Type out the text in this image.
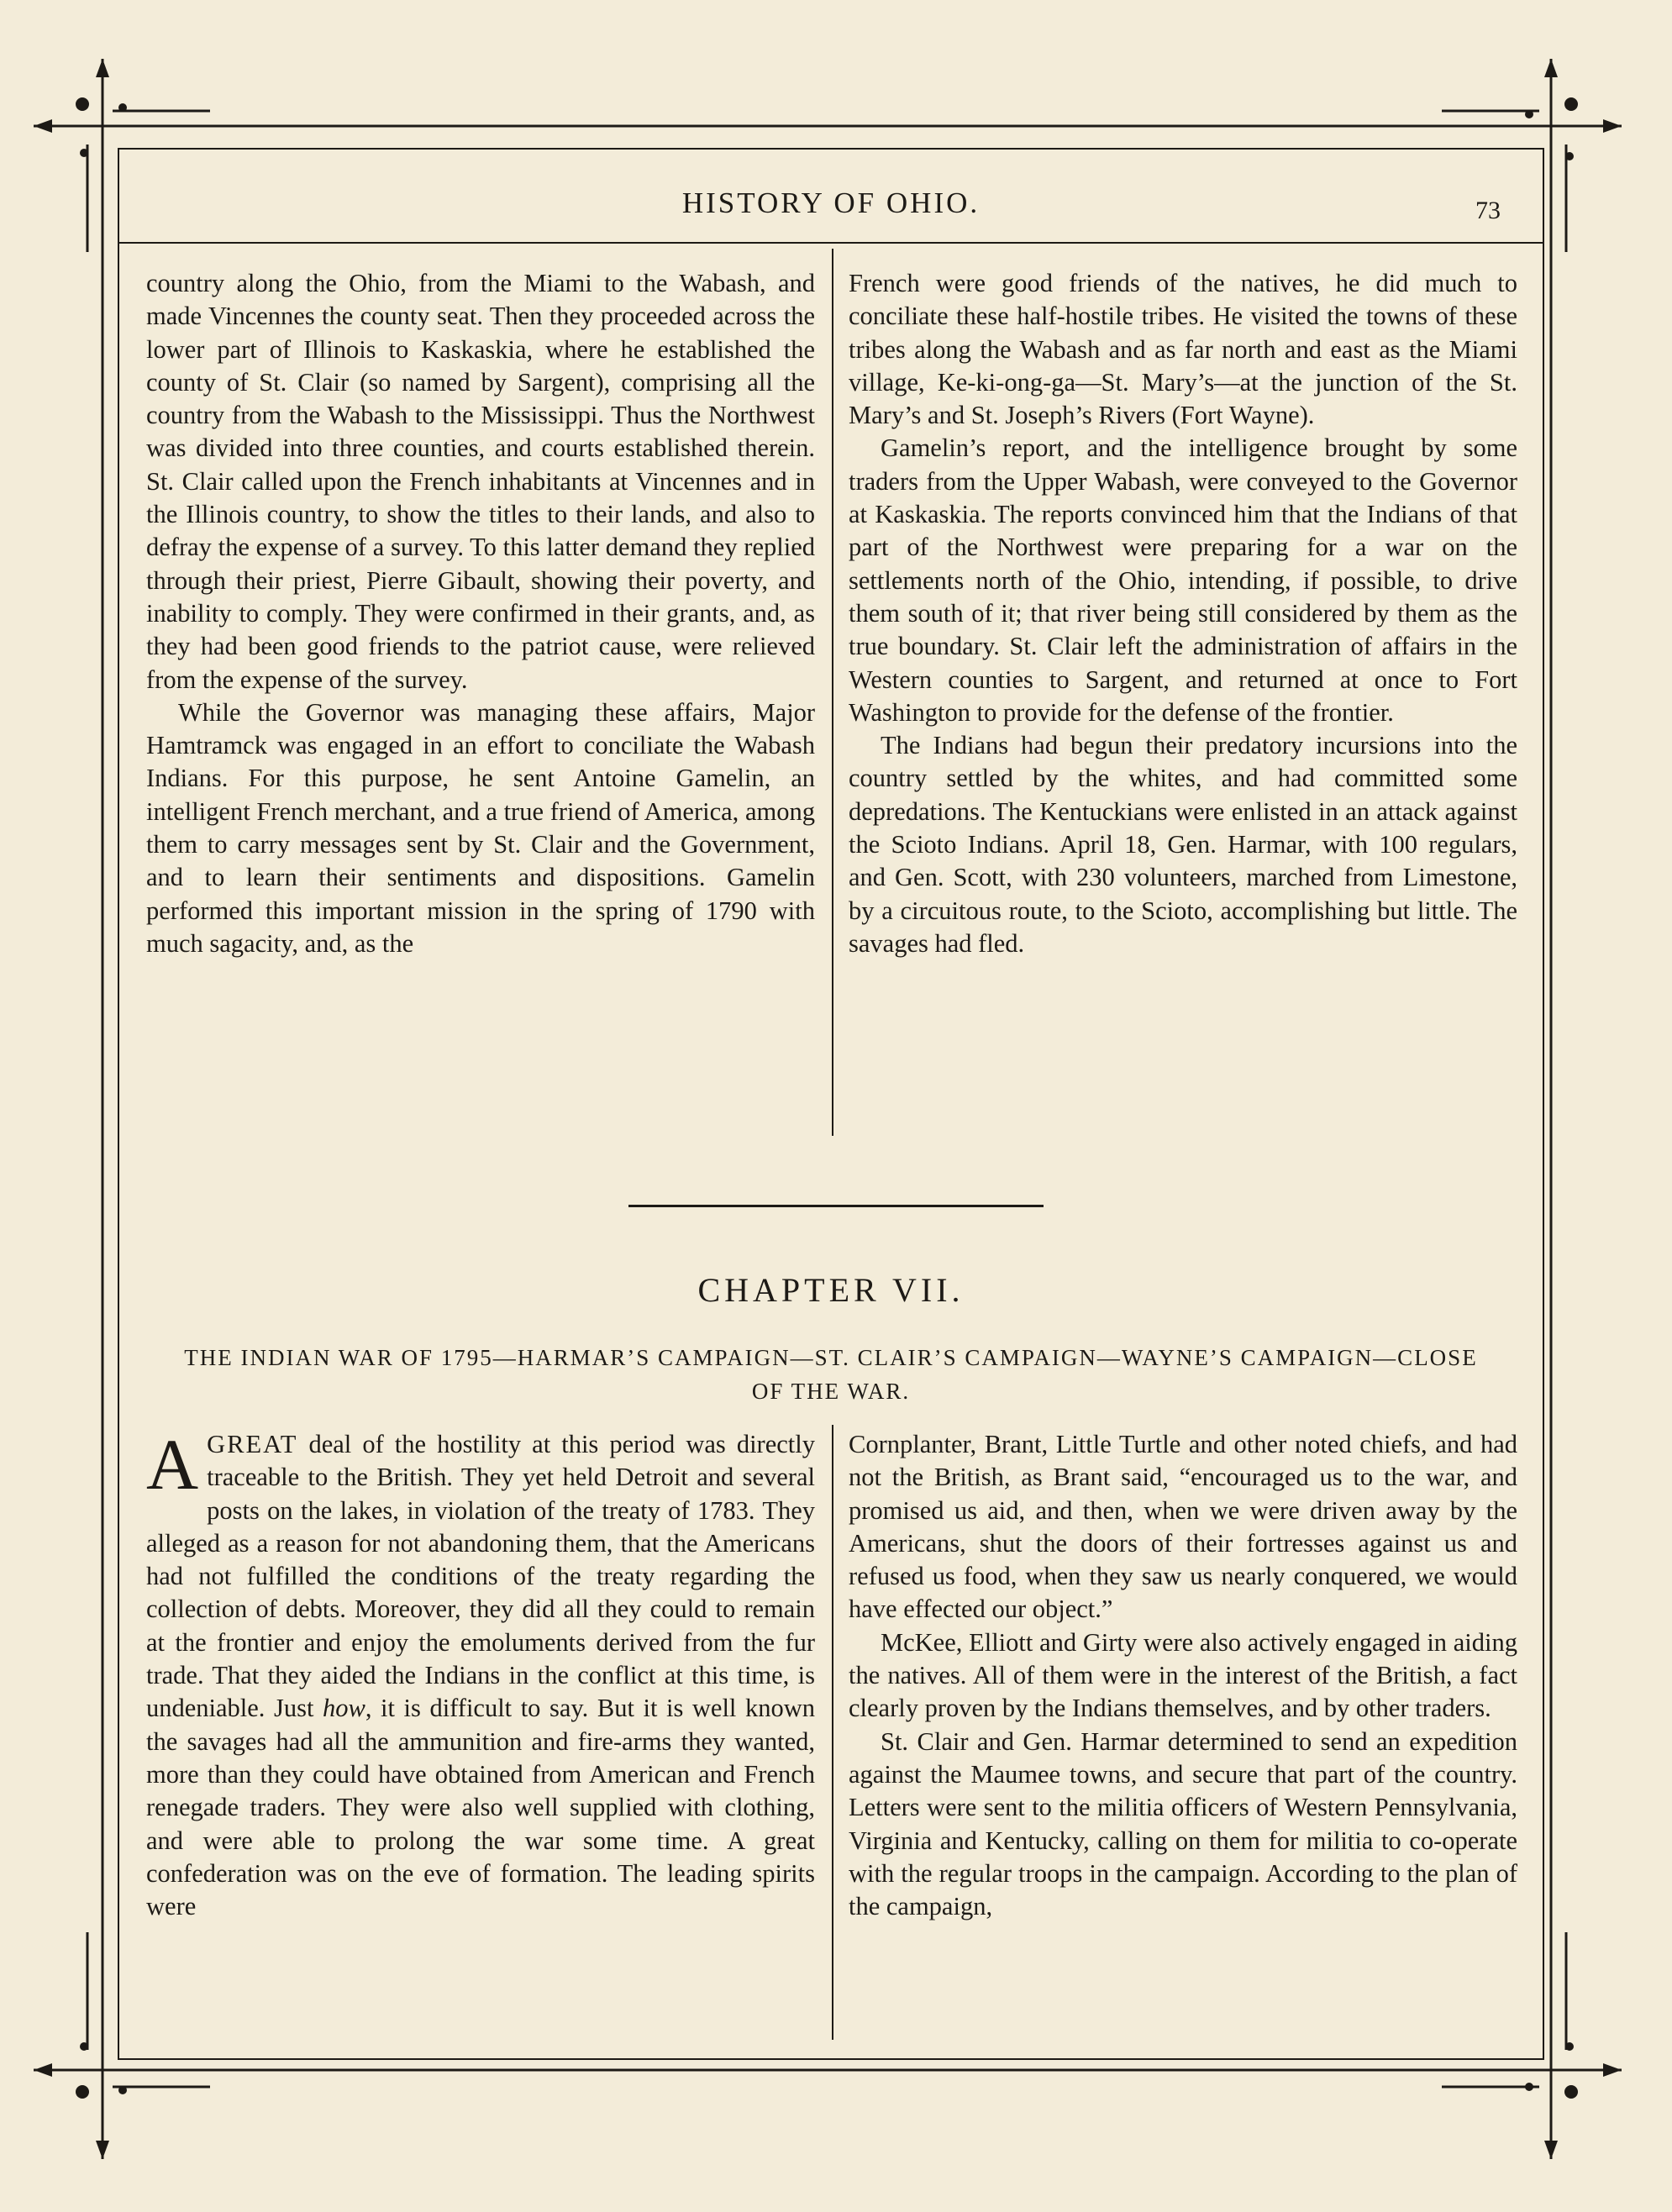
HISTORY OF OHIO.	73

country along the Ohio, from the Miami to the Wabash, and made Vincennes the county seat. Then they proceeded across the lower part of Illinois to Kaskaskia, where he established the county of St. Clair (so named by Sargent), comprising all the country from the Wabash to the Mississippi. Thus the Northwest was divided into three counties, and courts established therein. St. Clair called upon the French inhabitants at Vincennes and in the Illinois country, to show the titles to their lands, and also to defray the expense of a survey. To this latter demand they replied through their priest, Pierre Gibault, showing their poverty, and inability to comply. They were confirmed in their grants, and, as they had been good friends to the patriot cause, were relieved from the expense of the survey.

While the Governor was managing these affairs, Major Hamtramck was engaged in an effort to conciliate the Wabash Indians. For this purpose, he sent Antoine Gamelin, an intelligent French merchant, and a true friend of America, among them to carry messages sent by St. Clair and the Government, and to learn their sentiments and dispositions. Gamelin performed this important mission in the spring of 1790 with much sagacity, and, as the

French were good friends of the natives, he did much to conciliate these half-hostile tribes. He visited the towns of these tribes along the Wabash and as far north and east as the Miami village, Ke-ki-ong-ga—St. Mary’s—at the junction of the St. Mary’s and St. Joseph’s Rivers (Fort Wayne).

Gamelin’s report, and the intelligence brought by some traders from the Upper Wabash, were conveyed to the Governor at Kaskaskia. The reports convinced him that the Indians of that part of the Northwest were preparing for a war on the settlements north of the Ohio, intending, if possible, to drive them south of it; that river being still considered by them as the true boundary. St. Clair left the administration of affairs in the Western counties to Sargent, and returned at once to Fort Washington to provide for the defense of the frontier.

The Indians had begun their predatory incursions into the country settled by the whites, and had committed some depredations. The Kentuckians were enlisted in an attack against the Scioto Indians. April 18, Gen. Harmar, with 100 regulars, and Gen. Scott, with 230 volunteers, marched from Limestone, by a circuitous route, to the Scioto, accomplishing but little. The savages had fled.

CHAPTER VII.
THE INDIAN WAR OF 1795—HARMAR’S CAMPAIGN—ST. CLAIR’S CAMPAIGN—WAYNE’S CAMPAIGN—CLOSE OF THE WAR.

AGREAT deal of the hostility at this period was directly traceable to the British. They yet held Detroit and several posts on the lakes, in violation of the treaty of 1783. They alleged as a reason for not abandoning them, that the Americans had not fulfilled the conditions of the treaty regarding the collection of debts. Moreover, they did all they could to remain at the frontier and enjoy the emoluments derived from the fur trade. That they aided the Indians in the conflict at this time, is undeniable. Just how, it is difficult to say. But it is well known the savages had all the ammunition and fire-arms they wanted, more than they could have obtained from American and French renegade traders. They were also well supplied with clothing, and were able to prolong the war some time. A great confederation was on the eve of formation. The leading spirits were

Cornplanter, Brant, Little Turtle and other noted chiefs, and had not the British, as Brant said, “encouraged us to the war, and promised us aid, and then, when we were driven away by the Americans, shut the doors of their fortresses against us and refused us food, when they saw us nearly conquered, we would have effected our object.”

McKee, Elliott and Girty were also actively engaged in aiding the natives. All of them were in the interest of the British, a fact clearly proven by the Indians themselves, and by other traders.

St. Clair and Gen. Harmar determined to send an expedition against the Maumee towns, and secure that part of the country. Letters were sent to the militia officers of Western Pennsylvania, Virginia and Kentucky, calling on them for militia to co-operate with the regular troops in the campaign. According to the plan of the campaign,
